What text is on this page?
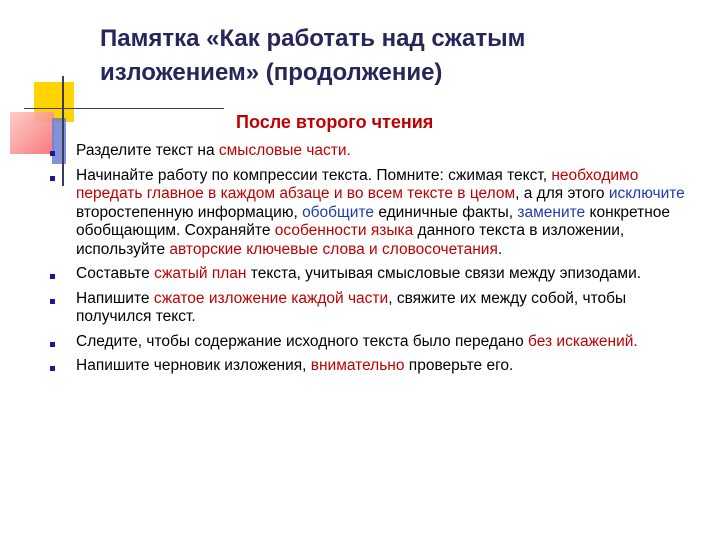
Памятка «Как работать над сжатым
изложением» (продолжение)
После второго чтения
Разделите текст на смысловые части.
Начинайте работу по компрессии текста. Помните: сжимая текст, необходимо передать главное в каждом абзаце и во всем тексте в целом, а для этого исключите второстепенную информацию, обобщите единичные факты, замените конкретное обобщающим. Сохраняйте особенности языка данного текста в изложении, используйте авторские ключевые слова и словосочетания.
Составьте сжатый план текста, учитывая смысловые связи между эпизодами.
Напишите сжатое изложение каждой части, свяжите их между собой, чтобы получился текст.
Следите, чтобы содержание исходного текста было передано без искажений.
Напишите черновик изложения, внимательно проверьте его.
